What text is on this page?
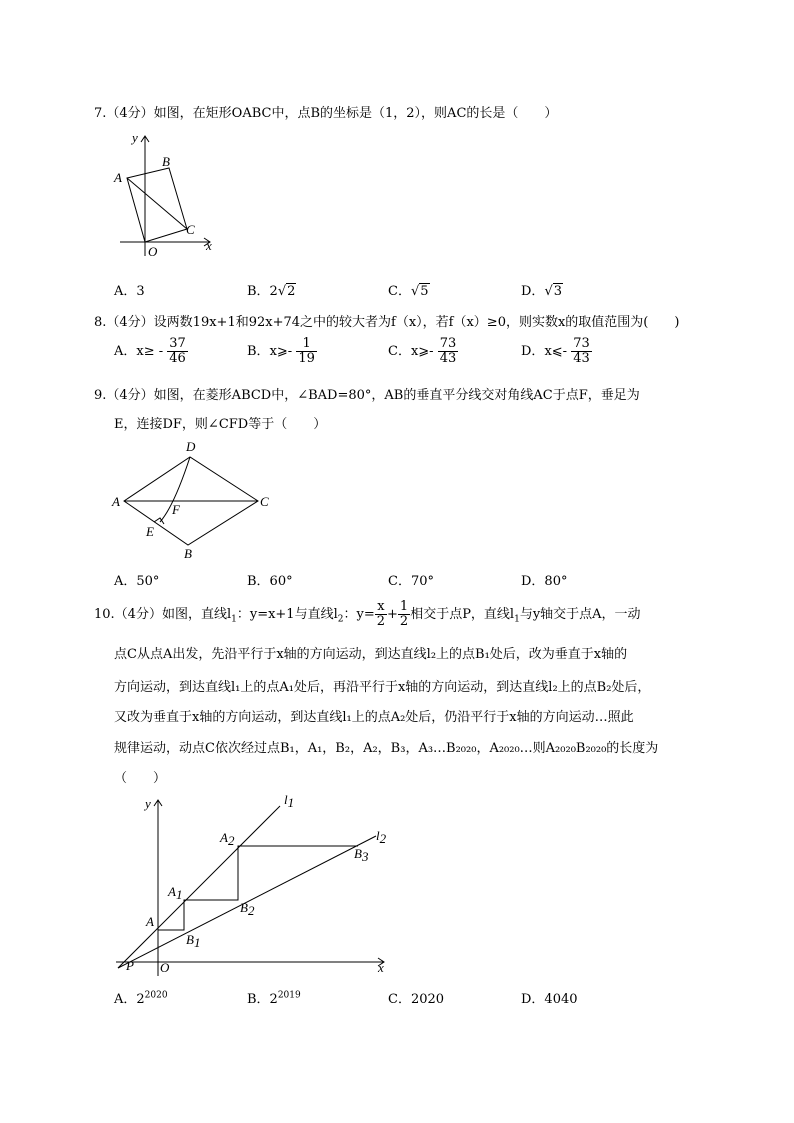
7.（4分）如图，在矩形OABC中，点B的坐标是（1，2），则AC的长是（　　）
y
x
A
B
C
O
A．3	B．2√2	C．√5	D．√3
8.（4分）设两数19x+1和92x+74之中的较大者为f（x），若f（x）≥0，则实数x的取值范围为(　　)
A．$x\ge - \frac{37}{46}$	B．x⩾- $\frac{1}{19}$	C．x⩾- $\frac{73}{43}$	D．x⩽- $\frac{73}{43}$
9.（4分）如图，在菱形ABCD中，∠BAD=80°，AB的垂直平分线交对角线AC于点F，垂足为
E，连接DF，则∠CFD等于（　　）
D
A	C
F
E
B
A．50°	B．60°	C．70°	D．80°
10.（4分）如图，直线$l_1$：y=x+1与直线$l_2$：$y= \frac{x}{2} + \frac{1}{2}$ 相交于点P，直线$l_1$与y轴交于点A，一动
点C从点A出发，先沿平行于x轴的方向运动，到达直线l₂上的点B₁处后，改为垂直于x轴的
方向运动，到达直线l₁上的点A₁处后，再沿平行于x轴的方向运动，到达直线l₂上的点B₂处后，
又改为垂直于x轴的方向运动，到达直线l₁上的点A₂处后，仍沿平行于x轴的方向运动…照此
规律运动，动点C依次经过点B₁，A₁，B₂，A₂，B₃，A₃…B₂₀₂₀，A₂₀₂₀…则A₂₀₂₀B₂₀₂₀的长度为
（　　）
y
x
O
P
A
B1
A1
B2
A2
B3
l1
l2
A．$2^{2020}$	B．$2^{2019}$	C．2020	D．4040
